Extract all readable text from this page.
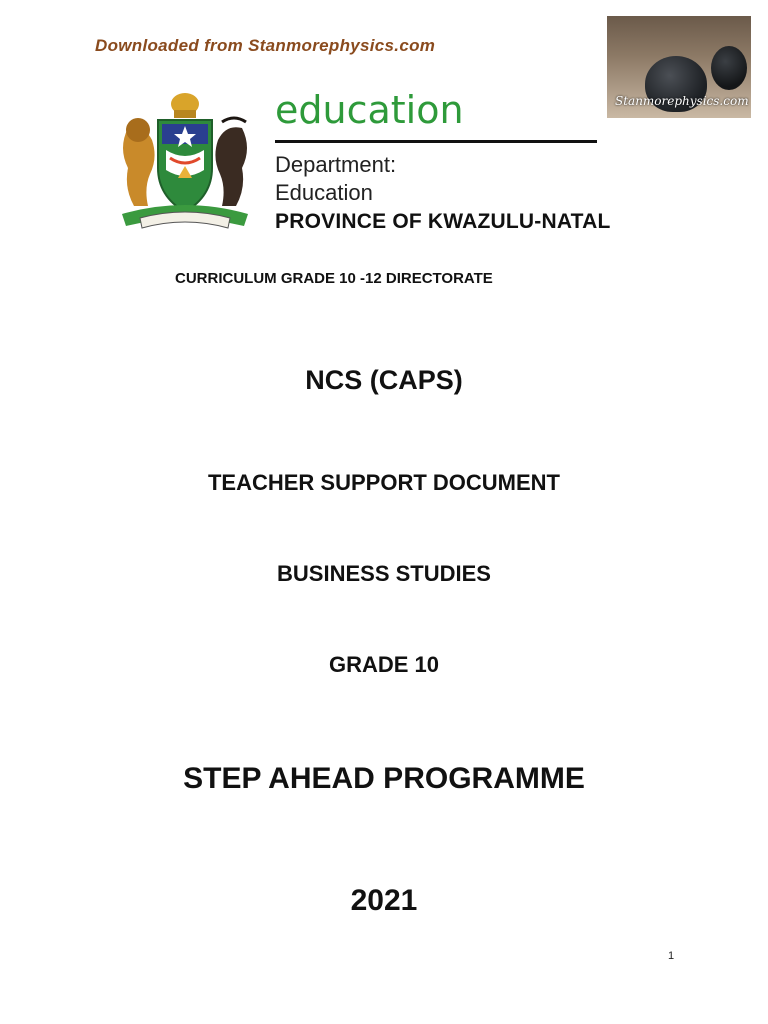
Downloaded from Stanmorephysics.com
Stanmorephysics.com
education
Department:
Education
PROVINCE OF KWAZULU-NATAL
CURRICULUM GRADE 10 -12 DIRECTORATE
NCS (CAPS)
TEACHER SUPPORT DOCUMENT
BUSINESS STUDIES
GRADE 10
STEP AHEAD PROGRAMME
2021
1
